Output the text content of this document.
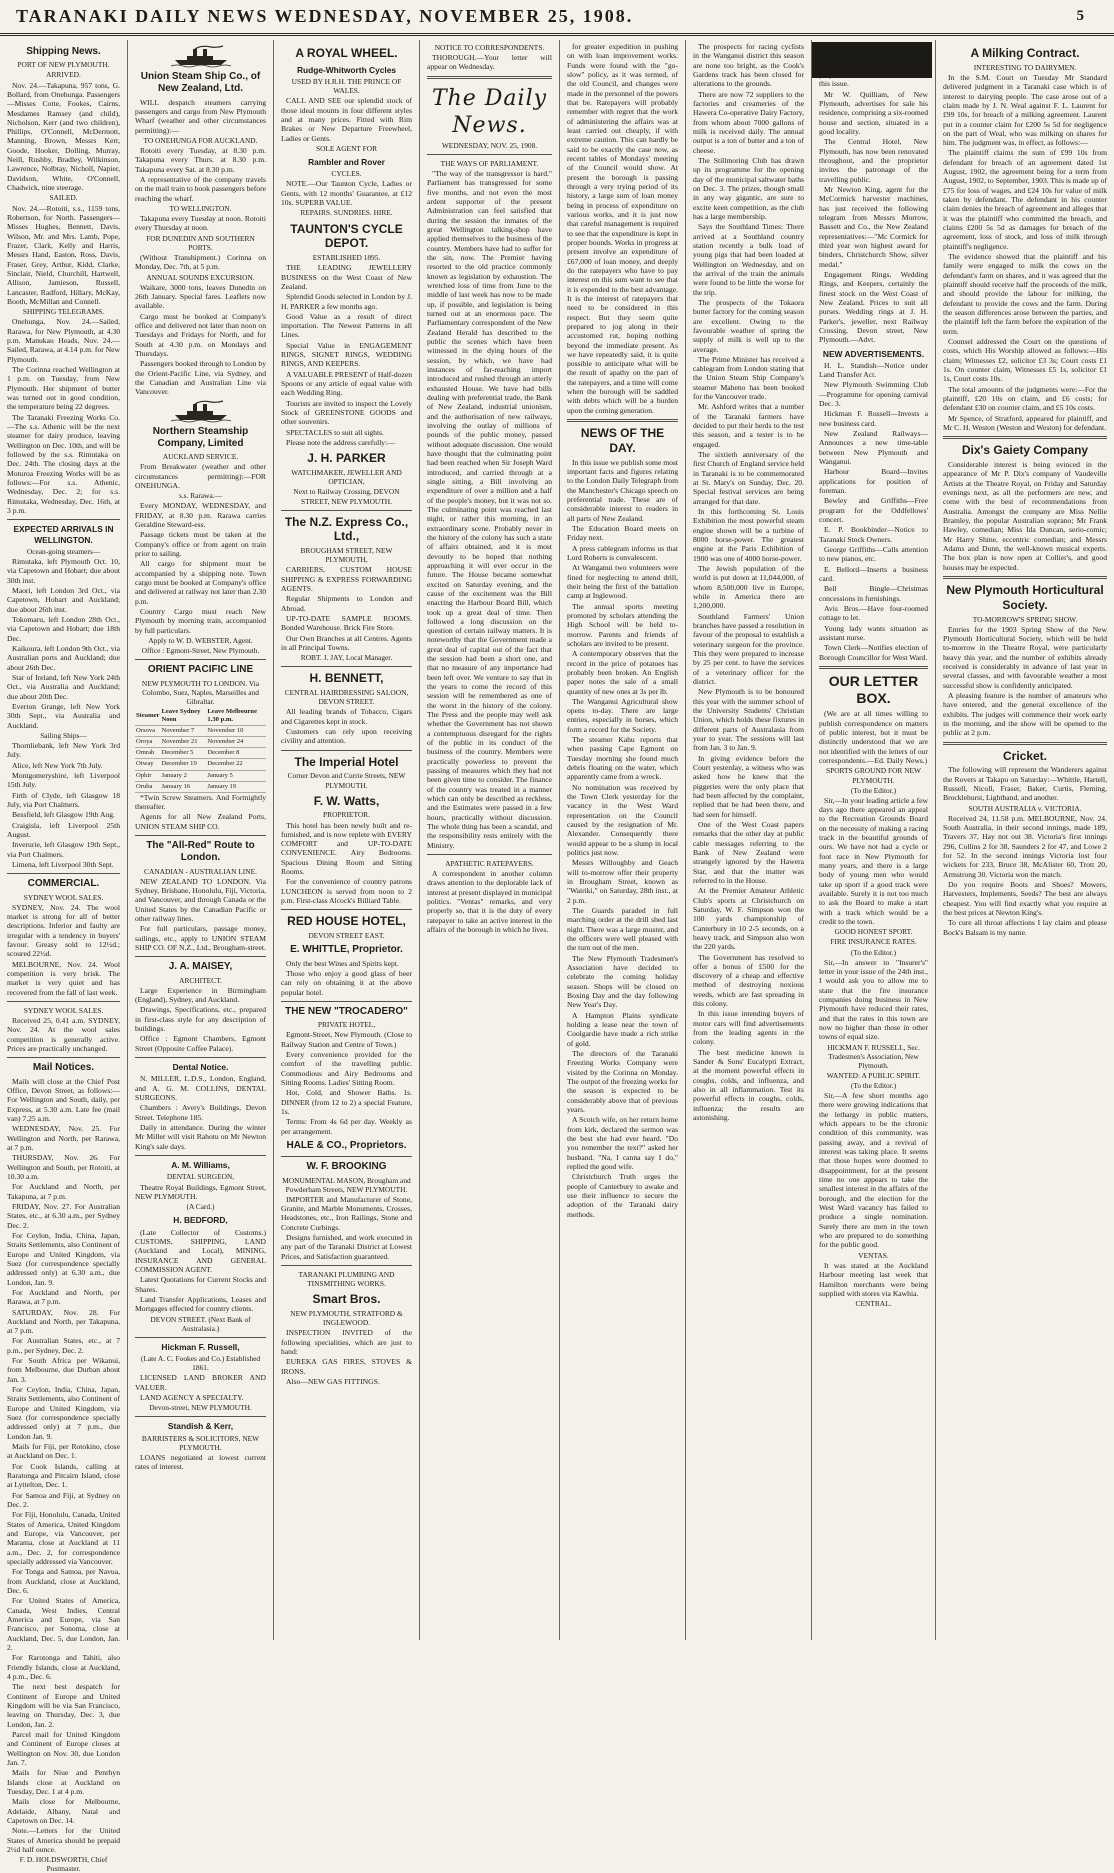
TARANAKI DAILY NEWS WEDNESDAY, NOVEMBER 25, 1908.	5
Shipping News.
PORT OF NEW PLYMOUTH.
ARRIVED.
Nov. 24.—Takapuna, 957 tons, G. Bollard, from Onehunga. Passengers—Misses Cotte, Fookes, Cairns, Mesdames Ramsey (and child), Nicholson, Kerr (and two children), Phillips, O'Connell, McDermott, Manning, Brown, Messrs Kerr, Goode, Hooker, Dolling, Murray, Neill, Rushby, Bradley, Wilkinson, Lawrence, Nolbtay, Nicholl, Napier, Davidson, White, O'Connell, Chadwick, nine steerage.
SAILED.
Nov. 24.—Rotoiti, s.s., 1159 tons, Robertson, for North. Passengers—Misses Hughes, Bennett, Davis, Wilson, Mr. and Mrs. Lamb, Pope, Frazer, Clark, Kelly and Harris, Messrs Hand, Easton, Ross, Davis, Fraser, Grey, Arthur, Kidd, Clarke, Sinclair, Nield, Churchill, Hartwell, Allison, Jamieson, Russell, Lancaster, Radford, Hillary, McKay, Booth, McMillan and Connell.
SHIPPING TELEGRAMS.
Onehunga, Nov. 24.—Sailed, Rarawa, for New Plymouth, at 4.30 p.m. Manukau Heads, Nov. 24.—Sailed, Rarawa, at 4.14 p.m. for New Plymouth.
The Corinna reached Wellington at 1 p.m. on Tuesday, from New Plymouth. Her shipment of butter was turned out in good condition, the temperature being 22 degrees.
The Taranaki Freezing Works Co.—The s.s. Athenic will be the next steamer for dairy produce, leaving Wellington on Dec. 10th, and will be followed by the s.s. Rimutaka on Dec. 24th. The closing days at the Moturoa Freezing Works will be as follows:—For s.s. Athenic, Wednesday, Dec. 2; for s.s. Rimutaka, Wednesday, Dec. 16th, at 3 p.m.
EXPECTED ARRIVALS IN WELLINGTON.
Ocean-going steamers—
Rimutaka, left Plymouth Oct. 10, via Capetown and Hobart; due about 30th inst.
Maori, left London 3rd Oct., via Capetown, Hobart and Auckland; due about 26th inst.
Tokomaru, left London 28th Oct., via Capetown and Hobart; due 18th Dec.
Kaikoura, left London 9th Oct., via Australian ports and Auckland; due about 26th Dec.
Star of Ireland, left New York 24th Oct., via Australia and Auckland; due about 20th Dec.
Everton Grange, left New York 30th Sept., via Australia and Auckland.
Sailing Ships—
Thornliebank, left New York 3rd July.
Alice, left New York 7th July.
Montgomeryshire, left Liverpool 15th July.
Firth of Clyde, left Glasgow 18 July, via Port Chalmers.
Bessfield, left Glasgow 19th Aug.
Craigisla, left Liverpool 25th August.
Inverurie, left Glasgow 19th Sept., via Port Chalmers.
Limena, left Liverpool 30th Sept.
COMMERCIAL.
SYDNEY WOOL SALES.
SYDNEY, Nov. 24. The wool market is strong for all of better descriptions. Inferior and faulty are irregular with a tendency in buyers' favour. Greasy sold to 12½d.; scoured 22½d.
MELBOURNE, Nov. 24. Wool competition is very brisk. The market is very quiet and has recovered from the fall of last week.
SYDNEY WOOL SALES.
Received 25, 0.41 a.m. SYDNEY, Nov. 24. At the wool sales competition is generally active. Prices are practically unchanged.
Mail Notices.
Mails will close at the Chief Post Office, Devon Street, as follows:—For Wellington and South, daily, per Express, at 5.30 a.m. Late fee (mail van) 7.25 a.m.
WEDNESDAY, Nov. 25. For Wellington and North, per Rarawa, at 7 p.m.
THURSDAY, Nov. 26. For Wellington and South, per Rotoiti, at 10.30 a.m.
For Auckland and North, per Takapuna, at 7 p.m.
FRIDAY, Nov. 27. For Australian States, etc., at 6.30 a.m., per Sydney Dec. 2.
For Ceylon, India, China, Japan, Straits Settlements, also Continent of Europe and United Kingdom, via Suez (for correspondence specially addressed only) at 6.30 a.m., due London, Jan. 9.
For Auckland and North, per Rarawa, at 7 p.m.
SATURDAY, Nov. 28. For Auckland and North, per Takapuna, at 7 p.m.
For Australian States, etc., at 7 p.m., per Sydney, Dec. 2.
For South Africa per Wikanui, from Melbourne, due Durban about Jan. 3.
For Ceylon, India, China, Japan, Straits Settlements, also Continent of Europe and United Kingdom, via Suez (for correspondence specially addressed only) at 7 p.m., due London Jan. 9.
Mails for Fiji, per Rotokino, close at Auckland on Dec. 1.
For Cook Islands, calling at Raratonga and Pitcairn Island, close at Lyttelton, Dec. 1.
For Samoa and Fiji, at Sydney on Dec. 2.
For Fiji, Honolulu, Canada, United States of America, United Kingdom and Europe, via Vancouver, per Marama, close at Auckland at 11 a.m., Dec. 2, for correspondence specially addressed via Vancouver.
For Tonga and Samoa, per Navua, from Auckland, close at Auckland, Dec. 6.
For United States of America, Canada, West Indies, Central America and Europe, via San Francisco, per Sonoma, close at Auckland, Dec. 5, due London, Jan. 2.
For Rarotonga and Tahiti, also Friendly Islands, close at Auckland, 4 p.m., Dec. 6.
The next best despatch for Continent of Europe and United Kingdom will be via San Francisco, leaving on Thursday, Dec. 3, due London, Jan. 2.
Parcel mail for United Kingdom and Continent of Europe closes at Wellington on Nov. 30, due London Jan. 7.
Mails for Niue and Penrhyn Islands close at Auckland on Tuesday, Dec. 1 at 4 p.m.
Mails close for Melbourne, Adelaide, Albany, Natal and Capetown on Dec. 14.
Note.—Letters for the United States of America should be prepaid 2½d half ounce.
F. D. HOLDSWORTH, Chief Postmaster.
Union Steam Ship Co., of New Zealand, Ltd.
WILL despatch steamers carrying passengers and cargo from New Plymouth Wharf (weather and other circumstances permitting):—
TO ONEHUNGA FOR AUCKLAND.
Rotoiti every Tuesday, at 8.30 p.m. Takapuna every Thurs. at 8.30 p.m. Takapuna every Sat. at 8.30 p.m.
A representative of the company travels on the mail train to book passengers before reaching the wharf.
TO WELLINGTON.
Takapuna every Tuesday at noon. Rotoiti every Thursday at noon.
FOR DUNEDIN AND SOUTHERN PORTS.
(Without Transhipment.) Corinna on Monday, Dec. 7th, at 5 p.m.
ANNUAL SOUNDS EXCURSION.
Waikare, 3000 tons, leaves Dunedin on 26th January. Special fares. Leaflets now available.
Cargo must be booked at Company's office and delivered not later than noon on Tuesdays and Fridays for North, and for South at 4.30 p.m. on Mondays and Thursdays.
Passengers booked through to London by the Orient-Pacific Line, via Sydney, and the Canadian and Australian Line via Vancouver.
Northern Steamship Company, Limited
AUCKLAND SERVICE.
From Breakwater (weather and other circumstances permitting):—FOR ONEHUNGA.
s.s. Rarawa.—
Every MONDAY, WEDNESDAY, and FRIDAY, at 8.30 p.m. Rarawa carries Geraldine Steward-ess.
Passage tickets must be taken at the Company's office or from agent on train prior to sailing.
All cargo for shipment must be accompanied by a shipping note. Town cargo must be booked at Company's office and delivered at railway not later than 2.30 p.m.
Country Cargo must reach New Plymouth by morning train, accompanied by full particulars.
Apply to W. D. WEBSTER, Agent.
Office : Egmont-Street, New Plymouth.
ORIENT PACIFIC LINE
NEW PLYMOUTH TO LONDON. Via Colombo, Suez, Naples, Marseilles and Gibraltar.
Steamer	Leave Sydney Noon	Leave Melbourne 1.30 p.m.
Orsova	November 7	November 10
Oroya	November 21	November 24
Omrah	December 5	December 8
Otway	December 19	December 22
Ophir	January 2	January 5
Oruba	January 16	January 19
*Twin Screw Steamers. And Fortnightly thereafter.
Agents for all New Zealand Ports, UNION STEAM SHIP CO.
The "All-Red" Route to London.
CANADIAN - AUSTRALIAN LINE.
NEW ZEALAND TO LONDON. Via Sydney, Brisbane, Honolulu, Fiji, Victoria, and Vancouver, and through Canada or the United States by the Canadian Pacific or other railway lines.
For full particulars, passage money, sailings, etc., apply to UNION STEAM SHIP CO. OF N.Z., Ltd., Brougham-street.
J. A. MAISEY,
ARCHITECT.
Large Experience in Birmingham (England), Sydney, and Auckland.
Drawings, Specifications, etc., prepared in first-class style for any description of buildings.
Office : Egmont Chambers, Egmont Street (Opposite Coffee Palace).
Dental Notice.
N. MILLER, L.D.S., London, England, and A. G. M. COLLINS, DENTAL SURGEONS.
Chambers : Avery's Buildings, Devon Street. Telephone 185.
Daily in attendance. During the winter Mr Miller will visit Rahotu on Mr Newton King's sale days.
A. M. Williams,
DENTAL SURGEON,
Theatre Royal Buildings, Egmont Street, NEW PLYMOUTH.
(A Card.)
H. BEDFORD,
(Late Collector of Customs.) CUSTOMS, SHIPPING, LAND (Auckland and Local), MINING, INSURANCE AND GENERAL COMMISSION AGENT.
Latest Quotations for Current Stocks and Shares.
Land Transfer Applications, Leases and Mortgages effected for country clients.
DEVON STREET. (Next Bank of Australasia.)
Hickman F. Russell,
(Late A. C. Fookes and Co.) Established 1861.
LICENSED LAND BROKER AND VALUER.
LAND AGENCY A SPECIALTY.
Devon-street, NEW PLYMOUTH.
Standish & Kerr,
BARRISTERS & SOLICITORS, NEW PLYMOUTH.
LOANS negotiated at lowest current rates of interest.
A ROYAL WHEEL.
Rudge-Whitworth Cycles
USED BY H.R.H. THE PRINCE OF WALES.
CALL AND SEE our splendid stock of those ideal mounts in four different styles and at many prices. Fitted with Rim Brakes or New Departure Freewheel, Ladies or Gents.
SOLE AGENT FOR
Rambler and Rover
CYCLES.
NOTE.—Our Taunton Cycle, Ladies or Gents, with 12 months' Guarantee, at £12 10s. SUPERB VALUE.
REPAIRS. SUNDRIES. HIRE.
TAUNTON'S CYCLE DEPOT.
ESTABLISHED 1895.
THE LEADING JEWELLERY BUSINESS on the West Coast of New Zealand.
Splendid Goods selected in London by J. H. PARKER a few months ago.
Good Value as a result of direct importation. The Newest Patterns in all Lines.
Special Value in ENGAGEMENT RINGS, SIGNET RINGS, WEDDING RINGS, AND KEEPERS.
A VALUABLE PRESENT of Half-dozen Spoons or any article of equal value with each Wedding Ring.
Tourists are invited to inspect the Lovely Stock of GREENSTONE GOODS and other souvenirs.
SPECTACLES to suit all sights.
Please note the address carefully:—
J. H. PARKER
WATCHMAKER, JEWELLER AND OPTICIAN,
Next to Railway Crossing, DEVON STREET, NEW PLYMOUTH.
The N.Z. Express Co., Ltd.,
BROUGHAM STREET, NEW PLYMOUTH,
CARRIERS, CUSTOM HOUSE SHIPPING & EXPRESS FORWARDING AGENTS.
Regular Shipments to London and Abroad.
UP-TO-DATE SAMPLE ROOMS. Bonded Warehouse. Brick Fire Store.
Our Own Branches at all Centres. Agents in all Principal Towns.
ROBT. J. JAY, Local Manager.
H. BENNETT,
CENTRAL HAIRDRESSING SALOON, DEVON STREET.
All leading brands of Tobacco, Cigars and Cigarettes kept in stock.
Customers can rely upon receiving civility and attention.
The Imperial Hotel
Corner Devon and Currie Streets, NEW PLYMOUTH.
F. W. Watts,
PROPRIETOR.
This hotel has been newly built and re-furnished, and is now replete with EVERY COMFORT and UP-TO-DATE CONVENIENCE. Airy Bedrooms. Spacious Dining Room and Sitting Rooms.
For the convenience of country patrons LUNCHEON is served from noon to 2 p.m. First-class Alcock's Billiard Table.
RED HOUSE HOTEL,
DEVON STREET EAST.
E. WHITTLE, Proprietor.
Only the best Wines and Spirits kept.
Those who enjoy a good glass of beer can rely on obtaining it at the above popular hotel.
THE NEW "TROCADERO"
PRIVATE HOTEL,
Egmont-Street, New Plymouth. (Close to Railway Station and Centre of Town.)
Every convenience provided for the comfort of the travelling public. Commodious and Airy Bedrooms and Sitting Rooms. Ladies' Sitting Room.
Hot, Cold, and Shower Baths. 1s. DINNER (from 12 to 2) a special Feature, 1s.
Terms: From 4s 6d per day. Weekly as per arrangement.
HALE & CO., Proprietors.
W. F. BROOKING
MONUMENTAL MASON, Brougham and Powderham Streets, NEW PLYMOUTH.
IMPORTER and Manufacturer of Stone, Granite, and Marble Monuments, Crosses, Headstones, etc., Iron Railings, Stone and Concrete Curbings.
Designs furnished, and work executed in any part of the Taranaki District at Lowest Prices, and Satisfaction guaranteed.
TARANAKI PLUMBING AND TINSMITHING WORKS.
Smart Bros.
NEW PLYMOUTH, STRATFORD & INGLEWOOD.
INSPECTION INVITED of the following specialities, which are just to hand:
EUREKA GAS FIRES, STOVES & IRONS.
Also—NEW GAS FITTINGS.
NOTICE TO CORRESPONDENTS.
THOROUGH.—Your letter will appear on Wednesday.
The Daily News.
WEDNESDAY, NOV. 25, 1908.
THE WAYS OF PARLIAMENT.
"The way of the transgressor is hard." Parliament has transgressed for some five months, and not even the most ardent supporter of the present Administration can feel satisfied that during the session the inmates of the great Wellington talking-shop have applied themselves to the business of the country. Members have had to suffer for the sin, now. The Premier having resorted to the old practice commonly known as legislation by exhaustion. The wretched loss of time from June to the middle of last week has now to be made up, if possible, and legislation is being turned out at an enormous pace. The Parliamentary correspondent of the New Zealand Herald has described to the public the scenes which have been witnessed in the dying hours of the session, by which, we have had instances of far-reaching import introduced and rushed through an utterly exhausted House. We have had bills dealing with preferential trade, the Bank of New Zealand, industrial unionism, and the authorisation of new railways, involving the outlay of millions of pounds of the public money, passed without adequate discussion. One would have thought that the culminating point had been reached when Sir Joseph Ward introduced, and carried through at a single sitting, a Bill involving an expenditure of over a million and a half of the people's money, but it was not so. The culminating point was reached last night, or rather this morning, in an extraordinary scene. Probably never in the history of the colony has such a state of affairs obtained, and it is most devoutly to be hoped that nothing approaching it will ever occur in the future. The House became somewhat excited on Saturday evening, and the cause of the excitement was the Bill enacting the Harbour Board Bill, which took up a great deal of time. Then followed a long discussion on the question of certain railway matters. It is noteworthy that the Government made a great deal of capital out of the fact that the session had been a short one, and that no measure of any importance had been left over. We venture to say that in the years to come the record of this session will be remembered as one of the worst in the history of the colony. The Press and the people may well ask whether the Government has not shown a contemptuous disregard for the rights of the public in its conduct of the business of the country. Members were practically powerless to prevent the passing of measures which they had not been given time to consider. The finance of the country was treated in a manner which can only be described as reckless, and the Estimates were passed in a few hours, practically without discussion. The whole thing has been a scandal, and the responsibility rests entirely with the Ministry.
APATHETIC RATEPAYERS.
A correspondent in another column draws attention to the deplorable lack of interest at present displayed in municipal politics. "Ventas" remarks, and very properly so, that it is the duty of every ratepayer to take an active interest in the affairs of the borough in which he lives.
for greater expedition in pushing on with loan improvement works. Funds were found with the "go-slow" policy, as it was termed, of the old Council, and changes were made in the personnel of the powers that be. Ratepayers will probably remember with regret that the work of administering the affairs was at least carried out cheaply, if with extreme caution. This can hardly be said to be exactly the case now, as recent tables of Mondays' meeting of the Council would show. At present the borough is passing through a very trying period of its history, a large sum of loan money being in process of expenditure on various works, and it is just now that careful management is required to see that the expenditure is kept in proper bounds. Works in progress at present involve an expenditure of £67,000 of loan money, and deeply do the ratepayers who have to pay interest on this sum want to see that it is expended to the best advantage. It is the interest of ratepayers that need to be considered in this respect. But they seem quite prepared to jog along in their accustomed rut, hoping nothing beyond the immediate present. As we have repeatedly said, it is quite possible to anticipate what will be the result of apathy on the part of the ratepayers, and a time will come when the borough will be saddled with debts which will be a burden upon the coming generation.
NEWS OF THE DAY.
In this issue we publish some most important facts and figures relating to the London Daily Telegraph from the Manchester's Chicago speech on preferential trade. These are of considerable interest to readers in all parts of New Zealand.
The Education Board meets on Friday next.
A press cablegram informs us that Lord Roberts is convalescent.
At Wanganui two volunteers were fined for neglecting to attend drill, their being the first of the battalion camp at Inglewood.
The annual sports meeting promoted by scholars attending the High School will be held to-morrow. Parents and friends of scholars are invited to be present.
A contemporary observes that the record in the price of potatoes has probably been broken. An English paper notes the sale of a small quantity of new ones at 3s per lb.
The Wanganui Agricultural show opens to-day. There are large entries, especially in horses, which form a record for the Society.
The steamer Kahu reports that when passing Cape Egmont on Tuesday morning she found much debris floating on the water, which apparently came from a wreck.
No nomination was received by the Town Clerk yesterday for the vacancy in the West Ward representation on the Council caused by the resignation of Mr. Alexander. Consequently there would appear to be a slump in local politics just now.
Messrs Willoughby and Geach will to-morrow offer their property in Brougham Street, known as "Wairiki," on Saturday, 28th inst., at 2 p.m.
The Guards paraded in full marching order at the drill shed last night. There was a large muster, and the officers were well pleased with the turn out of the men.
The New Plymouth Tradesmen's Association have decided to celebrate the coming holiday season. Shops will be closed on Boxing Day and the day following New Year's Day.
A Hampton Plains syndicate holding a lease near the town of Coolgardie have made a rich strike of gold.
The directors of the Taranaki Freezing Works Company were visited by the Corinna on Monday. The output of the freezing works for the season is expected to be considerably above that of previous years.
A Scotch wife, on her return home from kirk, declared the sermon was the best she had ever heard. "Do you remember the text?" asked her husband. "Na, I canna say I do," replied the good wife.
Christchurch Truth urges the people of Canterbury to awake and use their influence to secure the adoption of the Taranaki dairy methods.
The prospects for racing cyclists in the Wanganui district this season are none too bright, as the Cook's Gardens track has been closed for alterations to the grounds.
There are now 72 suppliers to the factories and creameries of the Hawera Co-operative Dairy Factory, from whom about 7000 gallons of milk is received daily. The annual output is a ton of butter and a ton of cheese.
The Stillmoring Club has drawn up its programme for the opening day of the municipal saltwater baths on Dec. 3. The prizes, though small in any way gigantic, are sure to excite keen competition, as the club has a large membership.
Says the Southland Times: There arrived at a Southland country station recently a bulk load of young pigs that had been loaded at Wellington on Wednesday, and on the arrival of the train the animals were found to be little the worse for the trip.
The prospects of the Tokaora butter factory for the coming season are excellent. Owing to the favourable weather of spring the supply of milk is well up to the average.
The Prime Minister has received a cablegram from London stating that the Union Steam Ship Company's steamer Maheno has been booked for the Vancouver trade.
Mr. Ashford writes that a number of the Taranaki farmers have decided to put their herds to the test this season, and a tester is to be engaged.
The sixtieth anniversary of the first Church of England service held in Taranaki is to be commemorated at St. Mary's on Sunday, Dec. 20. Special festival services are being arranged for that date.
In this forthcoming St. Louis Exhibition the most powerful steam engine shown will be a turbine of 8000 horse-power. The greatest engine at the Paris Exhibition of 1900 was one of 4000 horse-power.
The Jewish population of the world is put down at 11,044,000, of whom 8,500,000 live in Europe, while in America there are 1,200,000.
Southland Farmers' Union branches have passed a resolution in favour of the proposal to establish a veterinary surgeon for the province. This they were prepared to increase by 25 per cent. to have the services of a veterinary officer for the district.
New Plymouth is to be honoured this year with the summer school of the University Students' Christian Union, which holds these fixtures in different parts of Australasia from year to year. The sessions will last from Jan. 3 to Jan. 9.
In giving evidence before the Court yesterday, a witness who was asked how he knew that the piggeries were the only place that had been affected by the complaint, replied that he had been there, and had seen for himself.
One of the West Coast papers remarks that the other day at public cable messages referring to the Bank of New Zealand were strangely ignored by the Hawera Star, and that the matter was referred to in the House.
At the Premier Amateur Athletic Club's sports at Christchurch on Saturday, W. F. Simpson won the 100 yards championship of Canterbury in 10 2-5 seconds, on a heavy track, and Simpson also won the 220 yards.
The Government has resolved to offer a bonus of £500 for the discovery of a cheap and effective method of destroying noxious weeds, which are fast spreading in this colony.
In this issue intending buyers of motor cars will find advertisements from the leading agents in the colony.
The best medicine known is Sander & Sons' Eucalypti Extract, at the moment powerful effects in coughs, colds, and influenza, and also in all inflammation. Test its powerful effects in coughs, colds, influenza; the results are astonishing.
this issue.
Mr W. Quilliam, of New Plymouth, advertises for sale his residence, comprising a six-roomed house and section, situated in a good locality.
The Central Hotel, New Plymouth, has now been renovated throughout, and the proprietor invites the patronage of the travelling public.
Mr Newton King, agent for the McCormick harvester machines, has just received the following telegram from Messrs Morrow, Bassett and Co., the New Zealand representatives:—"Mc Cormick for third year won highest award for binders, Christchurch Show, silver medal."
Engagement Rings, Wedding Rings, and Keepers, certainly the finest stock on the West Coast of New Zealand. Prices to suit all purses. Wedding rings at J. H. Parker's, jeweller, next Railway Crossing, Devon street, New Plymouth.—Advt.
NEW ADVERTISEMENTS.
H. L. Standish—Notice under Land Transfer Act.
New Plymouth Swimming Club—Programme for opening carnival Dec. 3.
Hickman F. Russell—Invests a new business card.
New Zealand Railways—Announces a new time-table between New Plymouth and Wanganui.
Harbour Board—Invites applications for position of foreman.
Bewley and Griffiths—Free program for the Oddfellows' concert.
E. P. Bookbinder—Notice to Taranaki Stock Owners.
George Griffiths—Calls attention to new pianos, etc.
E. Bellord—Inserts a business card.
Bell Bingle—Christmas concessions in furnishings.
Avis Bros.—Have four-roomed cottage to let.
Young lady wants situation as assistant nurse.
Town Clerk—Notifies election of Borough Councillor for West Ward.
OUR LETTER BOX.
(We are at all times willing to publish correspondence on matters of public interest, but it must be distinctly understood that we are not identified with the letters of our correspondents.—Ed. Daily News.)
SPORTS GROUND FOR NEW PLYMOUTH.
(To the Editor.)
Sir,—In your leading article a few days ago there appeared an appeal to the Recreation Grounds Board on the necessity of making a racing track in the beautiful grounds of ours. We have not had a cycle or foot race in New Plymouth for many years, and there is a large body of young men who would take up sport if a good track were available. Surely it is not too much to ask the Board to make a start with a track which would be a credit to the town.
GOOD HONEST SPORT.
FIRE INSURANCE RATES.
(To the Editor.)
Sir,—In answer to "Insurer's" letter in your issue of the 24th inst., I would ask you to allow me to state that the fire insurance companies doing business in New Plymouth have reduced their rates, and that the rates in this town are now no higher than those in other towns of equal size.
HICKMAN F. RUSSELL, Sec. Tradesmen's Association, New Plymouth.
WANTED: A PUBLIC SPIRIT.
(To the Editor.)
Sir,—A few short months ago there were growing indications that the lethargy in public matters, which appears to be the chronic condition of this community, was passing away, and a revival of interest was taking place. It seems that those hopes were doomed to disappointment, for at the present time no one appears to take the smallest interest in the affairs of the borough, and the election for the West Ward vacancy has failed to produce a single nomination. Surely there are men in the town who are prepared to do something for the public good.
VENTAS.
It was stated at the Auckland Harbour meeting last week that Hamilton merchants were being supplied with stores via Kawhia.
CENTRAL.
A Milking Contract.
INTERESTING TO DAIRYMEN.
In the S.M. Court on Tuesday Mr Standard delivered judgment in a Taranaki case which is of interest to dairying people. The case arose out of a claim made by J. N. Weal against F. L. Laurent for £99 10s, for breach of a milking agreement. Laurent put in a counter claim for £200 5s 5d for negligence on the part of Weal, who was milking on shares for him. The judgment was, in effect, as follows:—
The plaintiff claims the sum of £99 10s from defendant for breach of an agreement dated 1st August, 1902, the agreement being for a term from August, 1902, to September, 1903. This is made up of £75 for loss of wages, and £24 10s for value of milk taken by defendant. The defendant in his counter claim denies the breach of agreement and alleges that it was the plaintiff who committed the breach, and claims £200 5s 5d as damages for breach of the agreement, loss of stock, and loss of milk through plaintiff's negligence.
The evidence showed that the plaintiff and his family were engaged to milk the cows on the defendant's farm on shares, and it was agreed that the plaintiff should receive half the proceeds of the milk, and should provide the labour for milking, the defendant to provide the cows and the farm. During the season differences arose between the parties, and the plaintiff left the farm before the expiration of the term.
Counsel addressed the Court on the questions of costs, which His Worship allowed as follows:—His claim; Witnesses £2, solicitor £3 3s; Court costs £1 1s. On counter claim, Witnesses £5 1s, solicitor £1 1s, Court costs 10s.
The total amounts of the judgments were:—For the plaintiff, £20 10s on claim, and £6 costs; for defendant £30 on counter claim, and £5 10s costs.
Mr Spence, of Stratford, appeared for plaintiff, and Mr C. H. Weston (Weston and Weston) for defendant.
Dix's Gaiety Company
Considerable interest is being evinced in the appearance of Mr P. Dix's company of Vaudeville Artists at the Theatre Royal, on Friday and Saturday evenings next, as all the performers are new, and come with the best of recommendations from Australia. Amongst the company are Miss Nellie Bramley, the popular Australian soprano; Mr Frank Hawley, comedian; Miss Ida Duncan, serio-comic; Mr Harry Shine, eccentric comedian; and Messrs Adams and Dunn, the well-known musical experts. The box plan is now open at Collier's, and good houses may be expected.
New Plymouth Horticultural Society.
TO-MORROW'S SPRING SHOW.
Entries for the 1903 Spring Show of the New Plymouth Horticultural Society, which will be held to-morrow in the Theatre Royal, were particularly heavy this year, and the number of exhibits already received is considerably in advance of last year in several classes, and with favourable weather a most successful show is confidently anticipated.
A pleasing feature is the number of amateurs who have entered, and the general excellence of the exhibits. The judges will commence their work early in the morning, and the show will be opened to the public at 2 p.m.
Cricket.
The following will represent the Wanderers against the Rovers at Takapu on Saturday:—Whittle, Hartell, Russell, Nicoll, Fraser, Baker, Curtis, Fleming, Brocklehurst, Lightband, and another.
SOUTH AUSTRALIA v. VICTORIA.
Received 24, 11.58 p.m. MELBOURNE, Nov. 24. South Australia, in their second innings, made 189, Travers 37, Hay not out 38. Victoria's first innings 296, Collins 2 for 38, Saunders 2 for 47, and Lowe 2 for 52. In the second innings Victoria lost four wickets for 233, Bruce 38, McAlister 60, Trott 20, Armstrong 30. Victoria won the match.
Do you require Boots and Shoes? Mowers, Harvesters, Implements, Seeds? The best are always cheapest. You will find exactly what you require at the best prices at Newton King's.
To cure all throat affections I lay claim and please Bock's Balsam is my name.
